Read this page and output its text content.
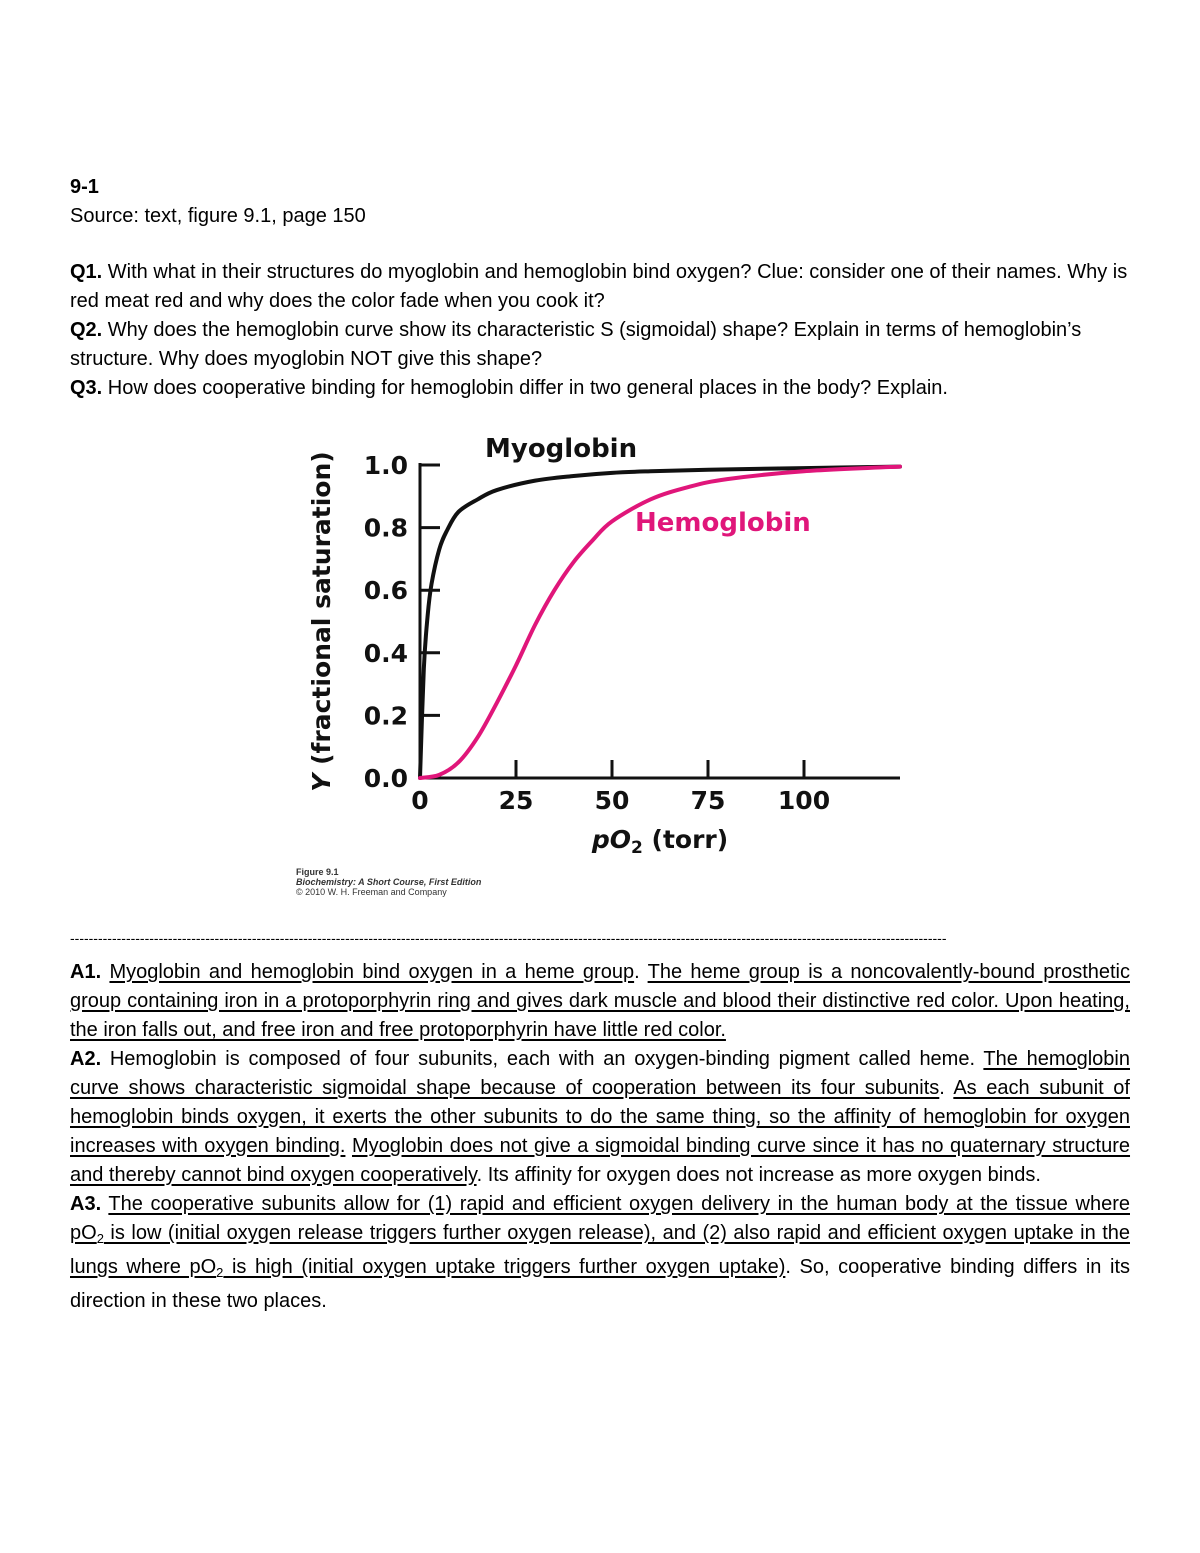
9-1
Source: text, figure 9.1, page 150
Q1. With what in their structures do myoglobin and hemoglobin bind oxygen? Clue: consider one of their names. Why is red meat red and why does the color fade when you cook it?
Q2. Why does the hemoglobin curve show its characteristic S (sigmoidal) shape? Explain in terms of hemoglobin’s structure. Why does myoglobin NOT give this shape?
Q3. How does cooperative binding for hemoglobin differ in two general places in the body? Explain.
0.0
0.2
0.4
0.6
0.8
1.0
0	25 50 75 100
$pO_2$ (torr)
Y (fractional saturation)
Myoglobin
Hemoglobin
Figure 9.1
Biochemistry: A Short Course, First Edition
© 2010 W. H. Freeman and Company
--------------------------------------------------------------------------------------------------------------------------------------------------------------------------------------------

A1. Myoglobin and hemoglobin bind oxygen in a heme group. The heme group is a noncovalently-bound prosthetic group containing iron in a protoporphyrin ring and gives dark muscle and blood their distinctive red color. Upon heating, the iron falls out, and free iron and free protoporphyrin have little red color.

A2. Hemoglobin is composed of four subunits, each with an oxygen-binding pigment called heme. The hemoglobin curve shows characteristic sigmoidal shape because of cooperation between its four subunits. As each subunit of hemoglobin binds oxygen, it exerts the other subunits to do the same thing, so the affinity of hemoglobin for oxygen increases with oxygen binding. Myoglobin does not give a sigmoidal binding curve since it has no quaternary structure and thereby cannot bind oxygen cooperatively. Its affinity for oxygen does not increase as more oxygen binds.

A3. The cooperative subunits allow for (1) rapid and efficient oxygen delivery in the human body at the tissue where $pO_2$ is low (initial oxygen release triggers further oxygen release), and (2) also rapid and efficient oxygen uptake in the lungs where $pO_2$ is high (initial oxygen uptake triggers further oxygen uptake). So, cooperative binding differs in its direction in these two places.
